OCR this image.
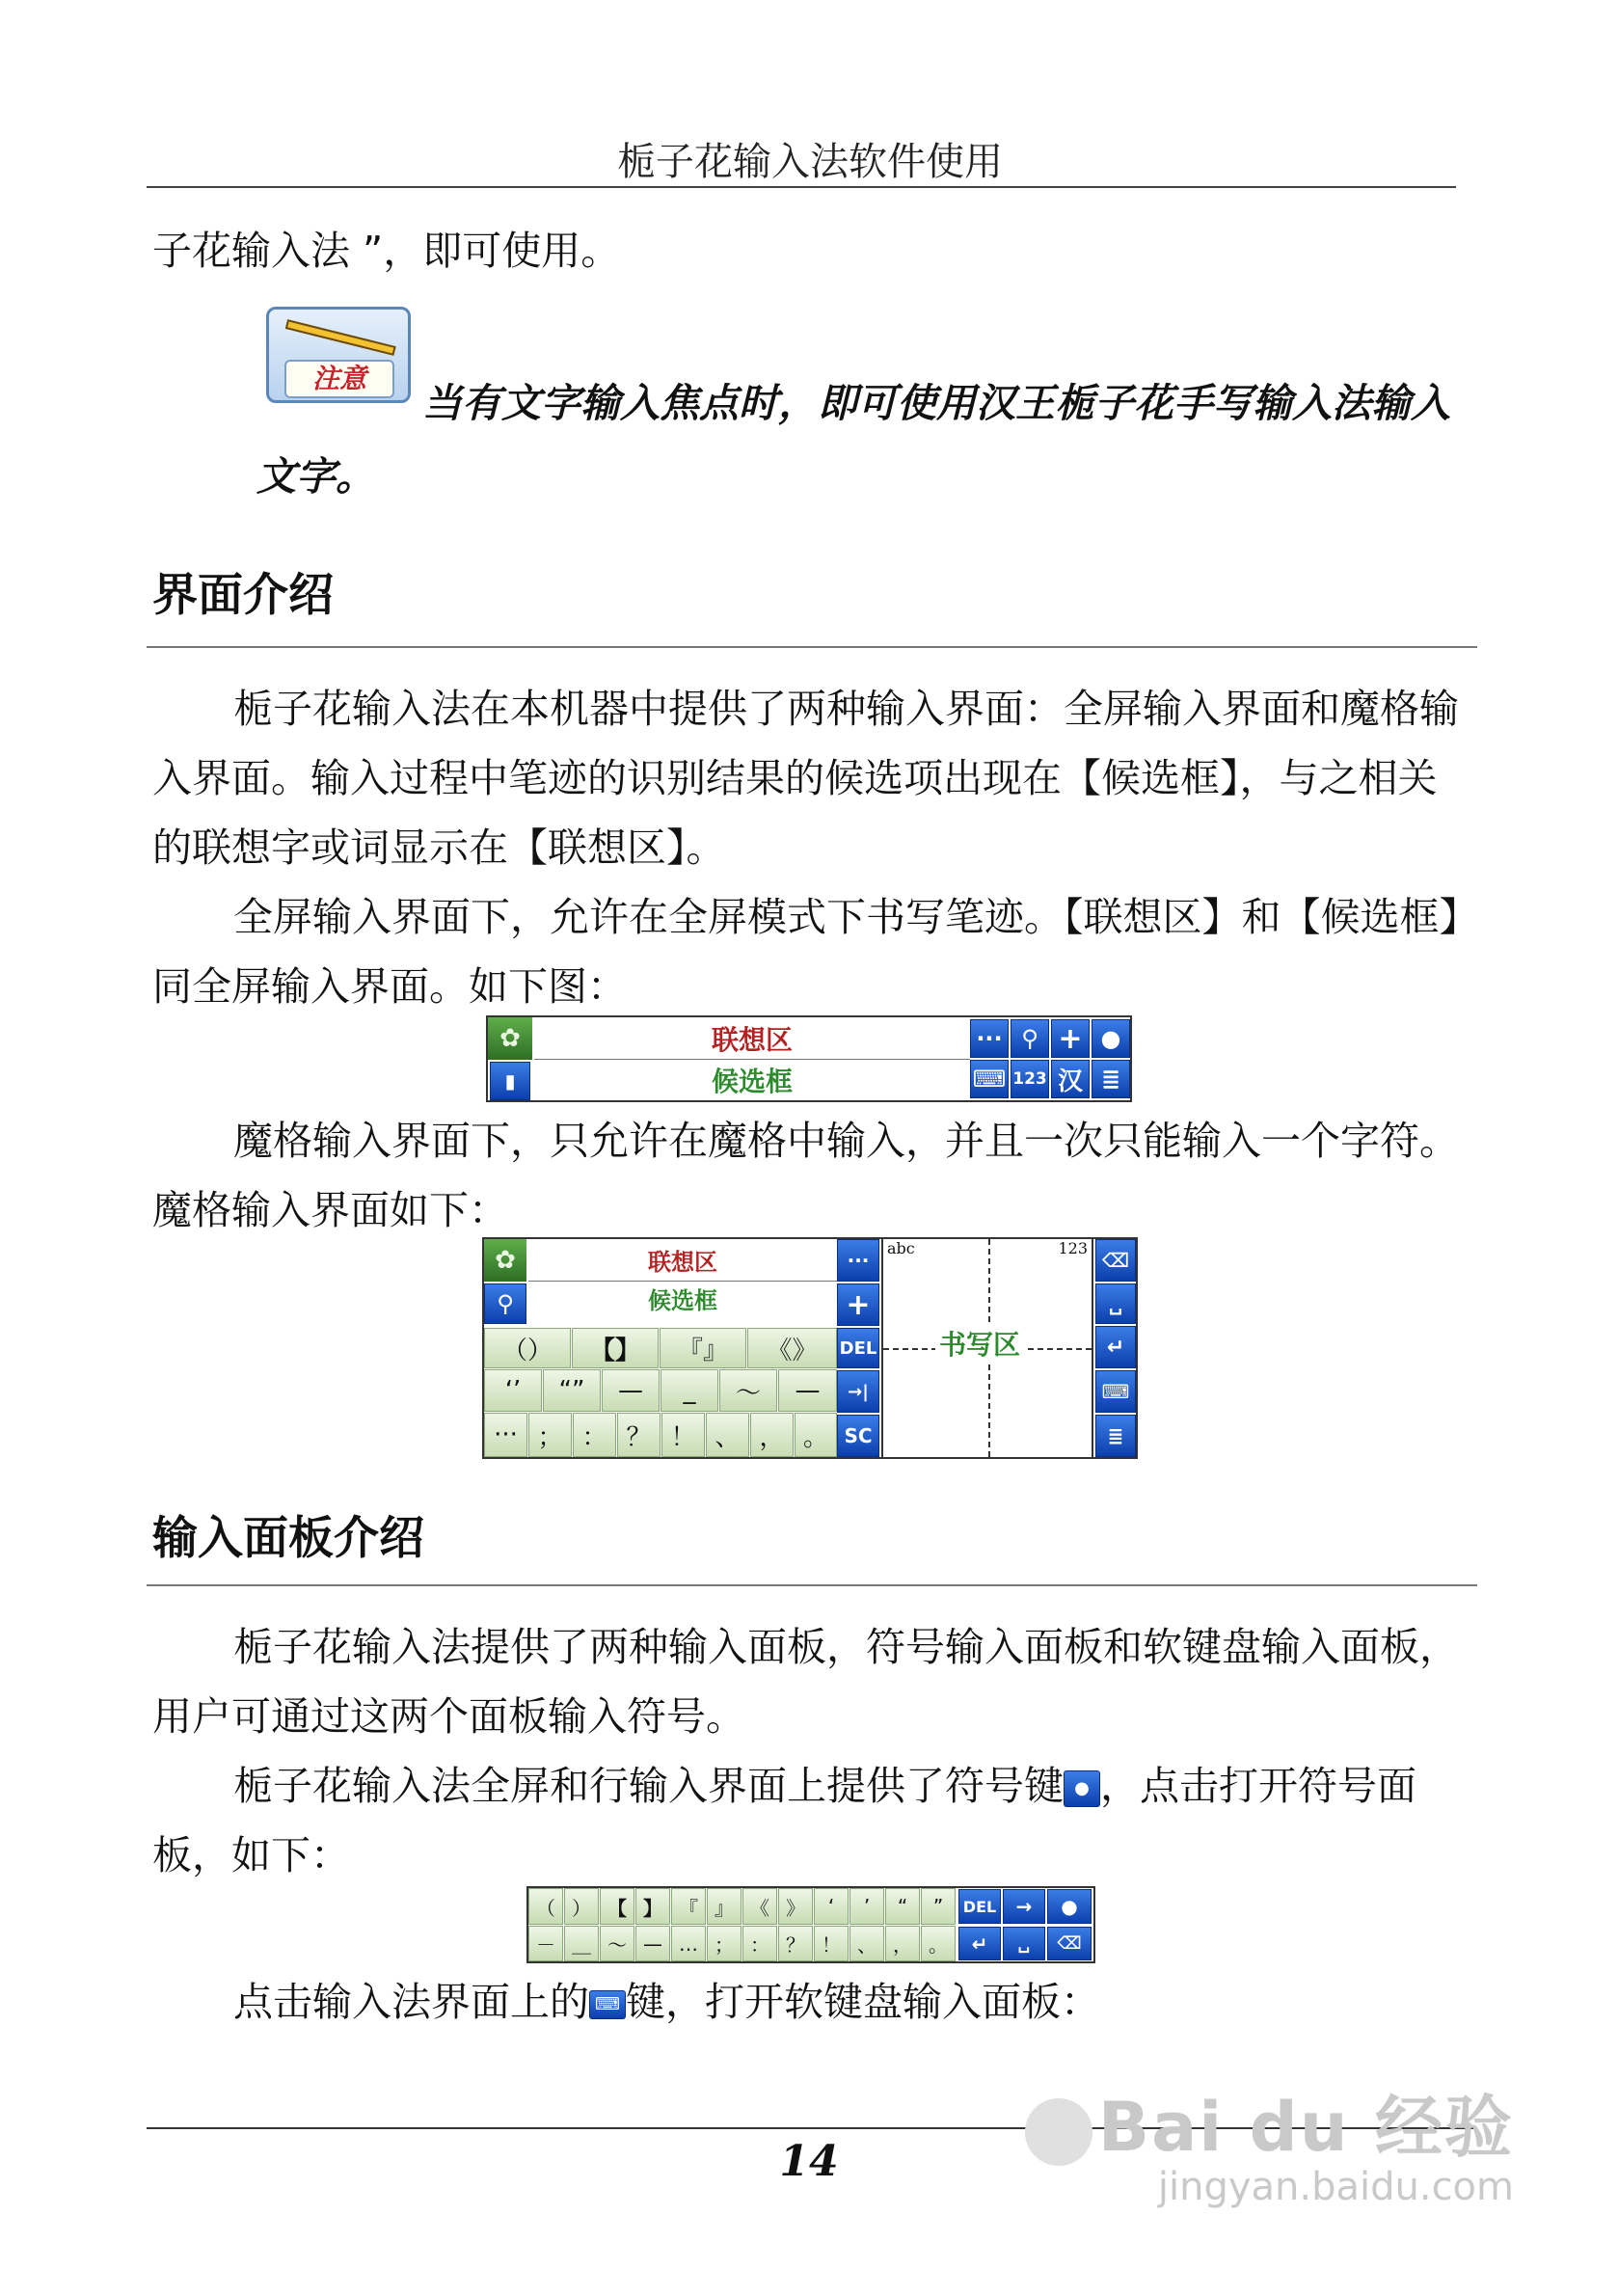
栀子花输入法软件使用
子花输入法 ”，即可使用。
注意
当有文字输入焦点时，即可使用汉王栀子花手写输入法输入文字。
界面介绍
栀子花输入法在本机器中提供了两种输入界面：全屏输入界面和魔格输入界面。输入过程中笔迹的识别结果的候选项出现在【候选框】，与之相关的联想字或词显示在【联想区】。
全屏输入界面下，允许在全屏模式下书写笔迹。【联想区】和【候选框】同全屏输入界面。如下图：
✿
▮
联想区
候选框
··· ⚲ + ●
⌨ 123 汉 ≣
魔格输入界面下，只允许在魔格中输入，并且一次只能输入一个字符。魔格输入界面如下：
✿
⚲
联想区
候选框
（）	【】	『』	《》
‘’	“”	—	_	～	—
··· ； ： ？ ！ 、 ， 。
···
+
DEL
→|
SC
abc	123
书写区
⌫
␣
↵
⌨
≣
输入面板介绍
栀子花输入法提供了两种输入面板，符号输入面板和软键盘输入面板，用户可通过这两个面板输入符号。
栀子花输入法全屏和行输入界面上提供了符号键 ● ，点击打开符号面板，如下：
（ ） 【 】 『 』 《 》	‘	’	“	”	DEL	→	●
－ ＿ ～ — … ； ： ？ ！ 、 ， 。	↵	␣	⌫
点击输入法界面上的 ⌨ 键，打开软键盘输入面板：
14	Bai du 经验
jingyan.baidu.com
